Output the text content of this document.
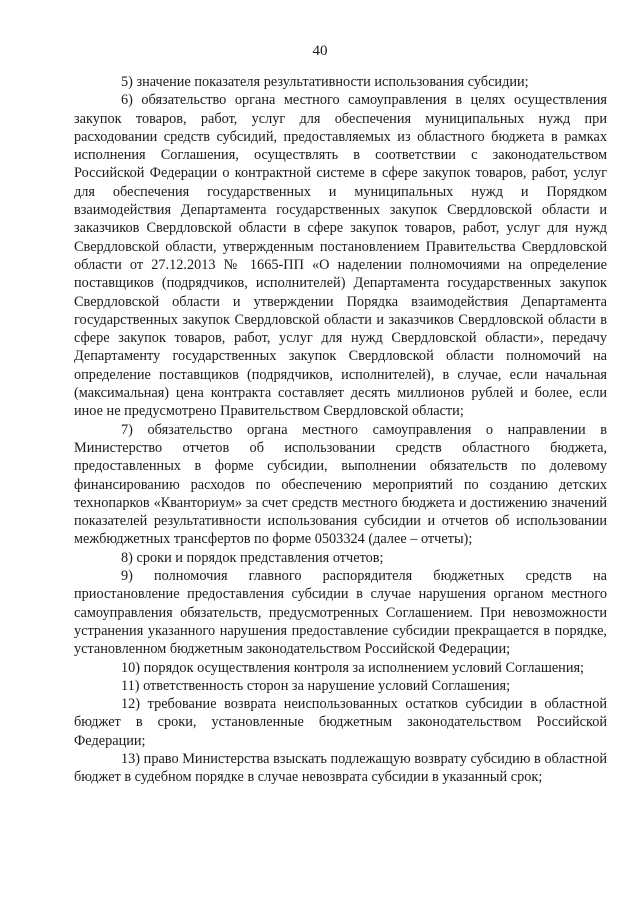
40

5) значение показателя результативности использования субсидии;

6) обязательство органа местного самоуправления в целях осуществления закупок товаров, работ, услуг для обеспечения муниципальных нужд при расходовании средств субсидий, предоставляемых из областного бюджета в рамках исполнения Соглашения, осуществлять в соответствии с законодательством Российской Федерации о контрактной системе в сфере закупок товаров, работ, услуг для обеспечения государственных и муниципальных нужд и Порядком взаимодействия Департамента государственных закупок Свердловской области и заказчиков Свердловской области в сфере закупок товаров, работ, услуг для нужд Свердловской области, утвержденным постановлением Правительства Свердловской области от 27.12.2013 № 1665-ПП «О наделении полномочиями на определение поставщиков (подрядчиков, исполнителей) Департамента государственных закупок Свердловской области и утверждении Порядка взаимодействия Департамента государственных закупок Свердловской области и заказчиков Свердловской области в сфере закупок товаров, работ, услуг для нужд Свердловской области», передачу Департаменту государственных закупок Свердловской области полномочий на определение поставщиков (подрядчиков, исполнителей), в случае, если начальная (максимальная) цена контракта составляет десять миллионов рублей и более, если иное не предусмотрено Правительством Свердловской области;

7) обязательство органа местного самоуправления о направлении в Министерство отчетов об использовании средств областного бюджета, предоставленных в форме субсидии, выполнении обязательств по долевому финансированию расходов по обеспечению мероприятий по созданию детских технопарков «Кванториум» за счет средств местного бюджета и достижению значений показателей результативности использования субсидии и отчетов об использовании межбюджетных трансфертов по форме 0503324 (далее – отчеты);

8) сроки и порядок представления отчетов;

9) полномочия главного распорядителя бюджетных средств на приостановление предоставления субсидии в случае нарушения органом местного самоуправления обязательств, предусмотренных Соглашением. При невозможности устранения указанного нарушения предоставление субсидии прекращается в порядке, установленном бюджетным законодательством Российской Федерации;

10) порядок осуществления контроля за исполнением условий Соглашения;

11) ответственность сторон за нарушение условий Соглашения;

12) требование возврата неиспользованных остатков субсидии в областной бюджет в сроки, установленные бюджетным законодательством Российской Федерации;

13) право Министерства взыскать подлежащую возврату субсидию в областной бюджет в судебном порядке в случае невозврата субсидии в указанный срок;
